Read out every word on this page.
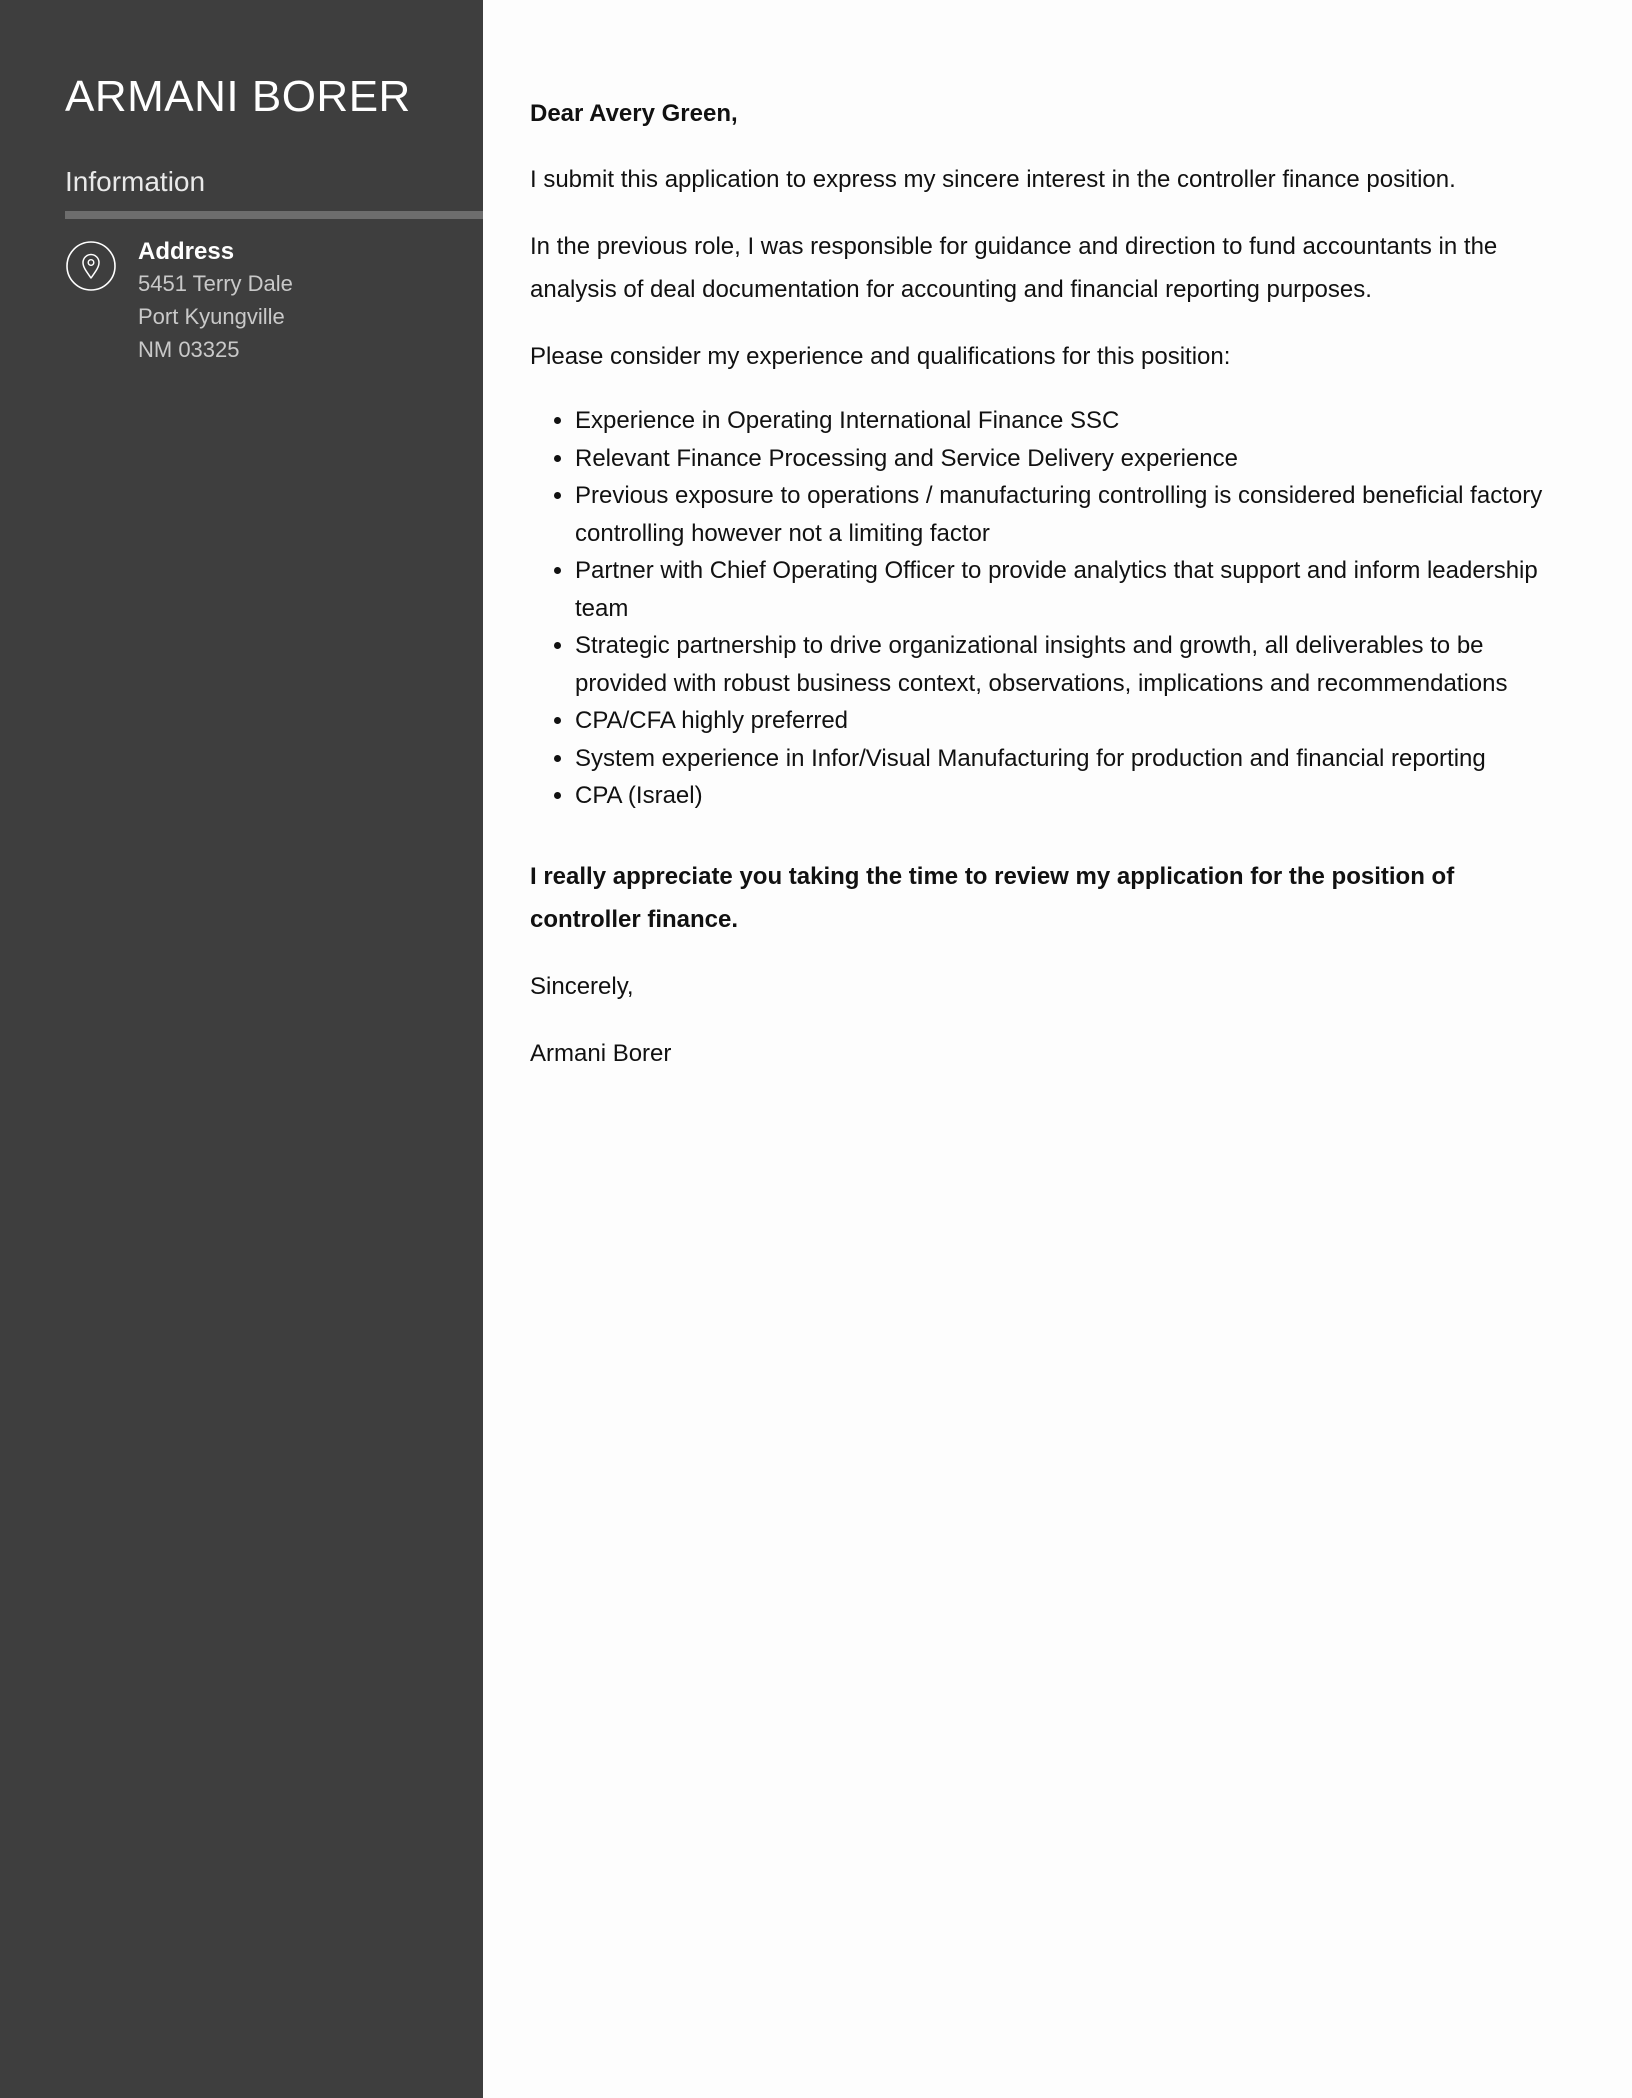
ARMANI BORER
Information
Address
5451 Terry Dale
Port Kyungville
NM 03325

Dear Avery Green,

I submit this application to express my sincere interest in the controller finance position.

In the previous role, I was responsible for guidance and direction to fund accountants in the analysis of deal documentation for accounting and financial reporting purposes.

Please consider my experience and qualifications for this position:

• Experience in Operating International Finance SSC
• Relevant Finance Processing and Service Delivery experience
• Previous exposure to operations / manufacturing controlling is considered beneficial factory controlling however not a limiting factor
• Partner with Chief Operating Officer to provide analytics that support and inform leadership team
• Strategic partnership to drive organizational insights and growth, all deliverables to be provided with robust business context, observations, implications and recommendations
• CPA/CFA highly preferred
• System experience in Infor/Visual Manufacturing for production and financial reporting
• CPA (Israel)

I really appreciate you taking the time to review my application for the position of controller finance.

Sincerely,

Armani Borer
